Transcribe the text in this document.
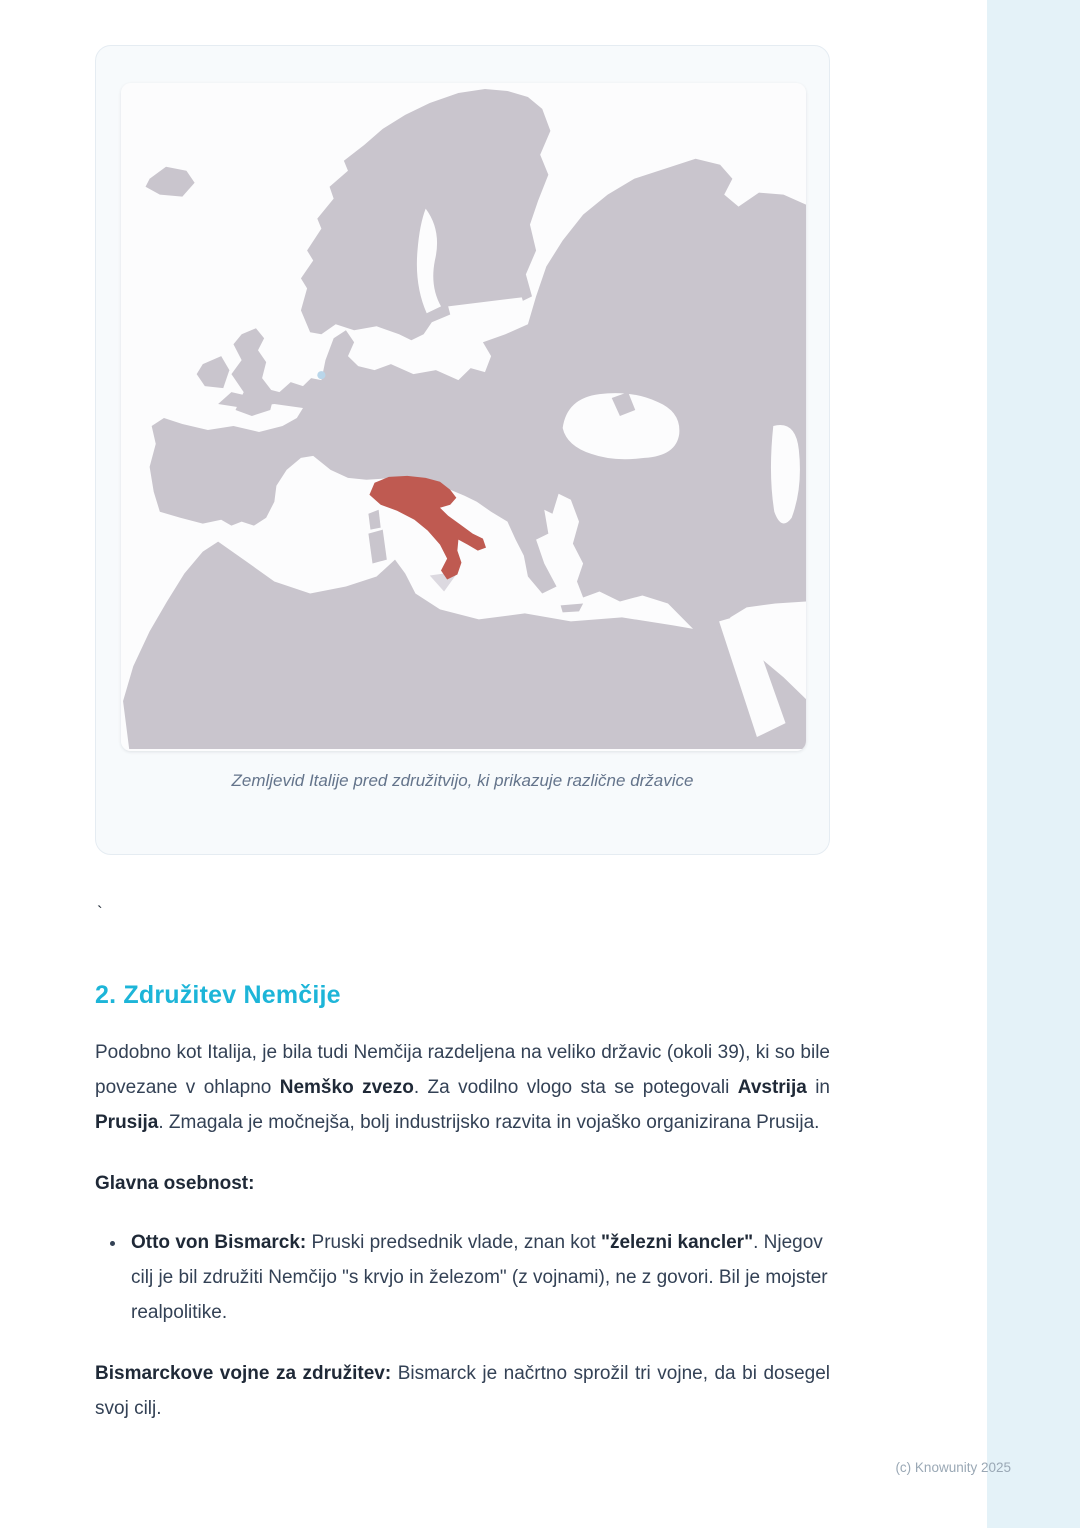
Zemljevid Italije pred združitvijo, ki prikazuje različne državice
`
2. Združitev Nemčije

Podobno kot Italija, je bila tudi Nemčija razdeljena na veliko državic (okoli 39), ki so bile povezane v ohlapno Nemško zvezo. Za vodilno vlogo sta se potegovali Avstrija in Prusija. Zmagala je močnejša, bolj industrijsko razvita in vojaško organizirana Prusija.

Glavna osebnost:

• Otto von Bismarck: Pruski predsednik vlade, znan kot "železni kancler". Njegov cilj je bil združiti Nemčijo "s krvjo in železom" (z vojnami), ne z govori. Bil je mojster realpolitike.

Bismarckove vojne za združitev: Bismarck je načrtno sprožil tri vojne, da bi dosegel svoj cilj.

(c) Knowunity 2025
